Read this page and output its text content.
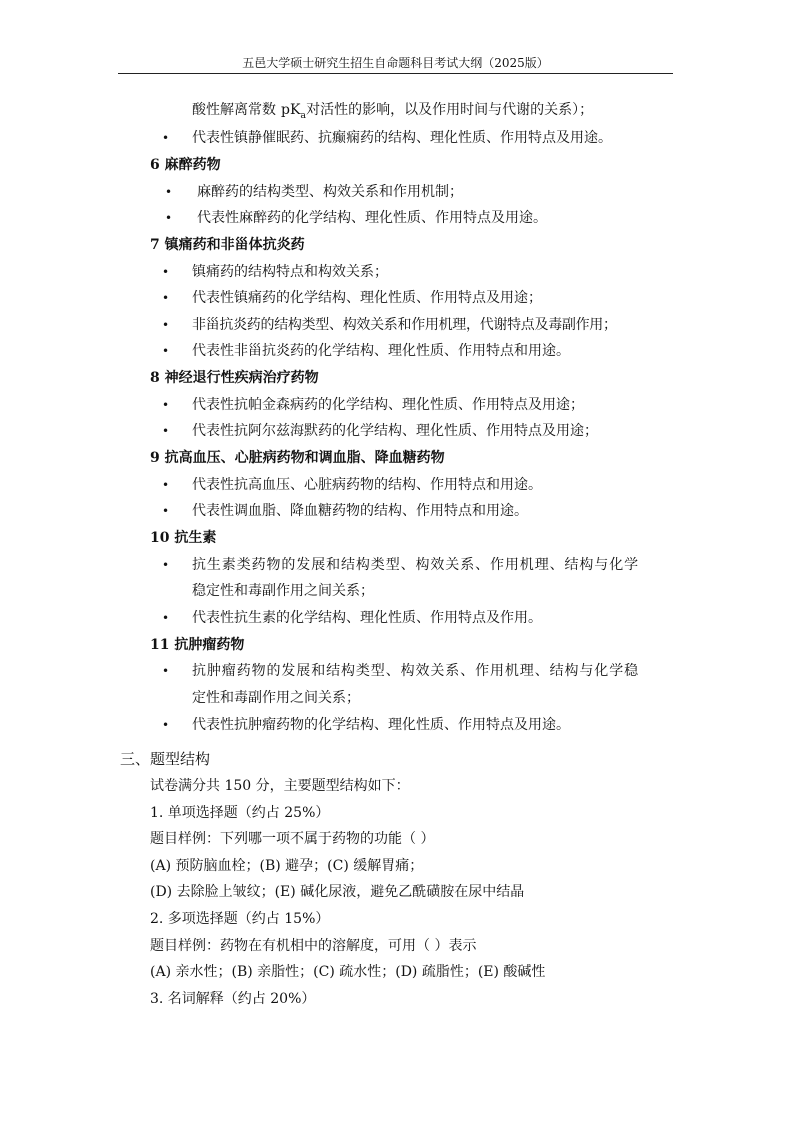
五邑大学硕士研究生招生自命题科目考试大纲（2025版）
酸性解离常数 $pK_a$对活性的影响，以及作用时间与代谢的关系）；
• 代表性镇静催眠药、抗癫痫药的结构、理化性质、作用特点及用途。
6 麻醉药物
• 麻醉药的结构类型、构效关系和作用机制；
• 代表性麻醉药的化学结构、理化性质、作用特点及用途。
7 镇痛药和非甾体抗炎药
• 镇痛药的结构特点和构效关系；
• 代表性镇痛药的化学结构、理化性质、作用特点及用途；
• 非甾抗炎药的结构类型、构效关系和作用机理，代谢特点及毒副作用；
• 代表性非甾抗炎药的化学结构、理化性质、作用特点和用途。
8 神经退行性疾病治疗药物
• 代表性抗帕金森病药的化学结构、理化性质、作用特点及用途；
• 代表性抗阿尔兹海默药的化学结构、理化性质、作用特点及用途；
9 抗高血压、心脏病药物和调血脂、降血糖药物
• 代表性抗高血压、心脏病药物的结构、作用特点和用途。
• 代表性调血脂、降血糖药物的结构、作用特点和用途。
10 抗生素
• 抗生素类药物的发展和结构类型、构效关系、作用机理、结构与化学
稳定性和毒副作用之间关系；
• 代表性抗生素的化学结构、理化性质、作用特点及作用。
11 抗肿瘤药物
• 抗肿瘤药物的发展和结构类型、构效关系、作用机理、结构与化学稳
定性和毒副作用之间关系；
• 代表性抗肿瘤药物的化学结构、理化性质、作用特点及用途。
三、题型结构
试卷满分共 150 分，主要题型结构如下：
1. 单项选择题（约占 25%）
题目样例：下列哪一项不属于药物的功能（ ）
(A) 预防脑血栓；(B) 避孕；(C) 缓解胃痛；
(D) 去除脸上皱纹；(E) 碱化尿液，避免乙酰磺胺在尿中结晶
2. 多项选择题（约占 15%）
题目样例：药物在有机相中的溶解度，可用（ ）表示
(A) 亲水性；(B) 亲脂性；(C) 疏水性；(D) 疏脂性；(E) 酸碱性
3. 名词解释（约占 20%）
